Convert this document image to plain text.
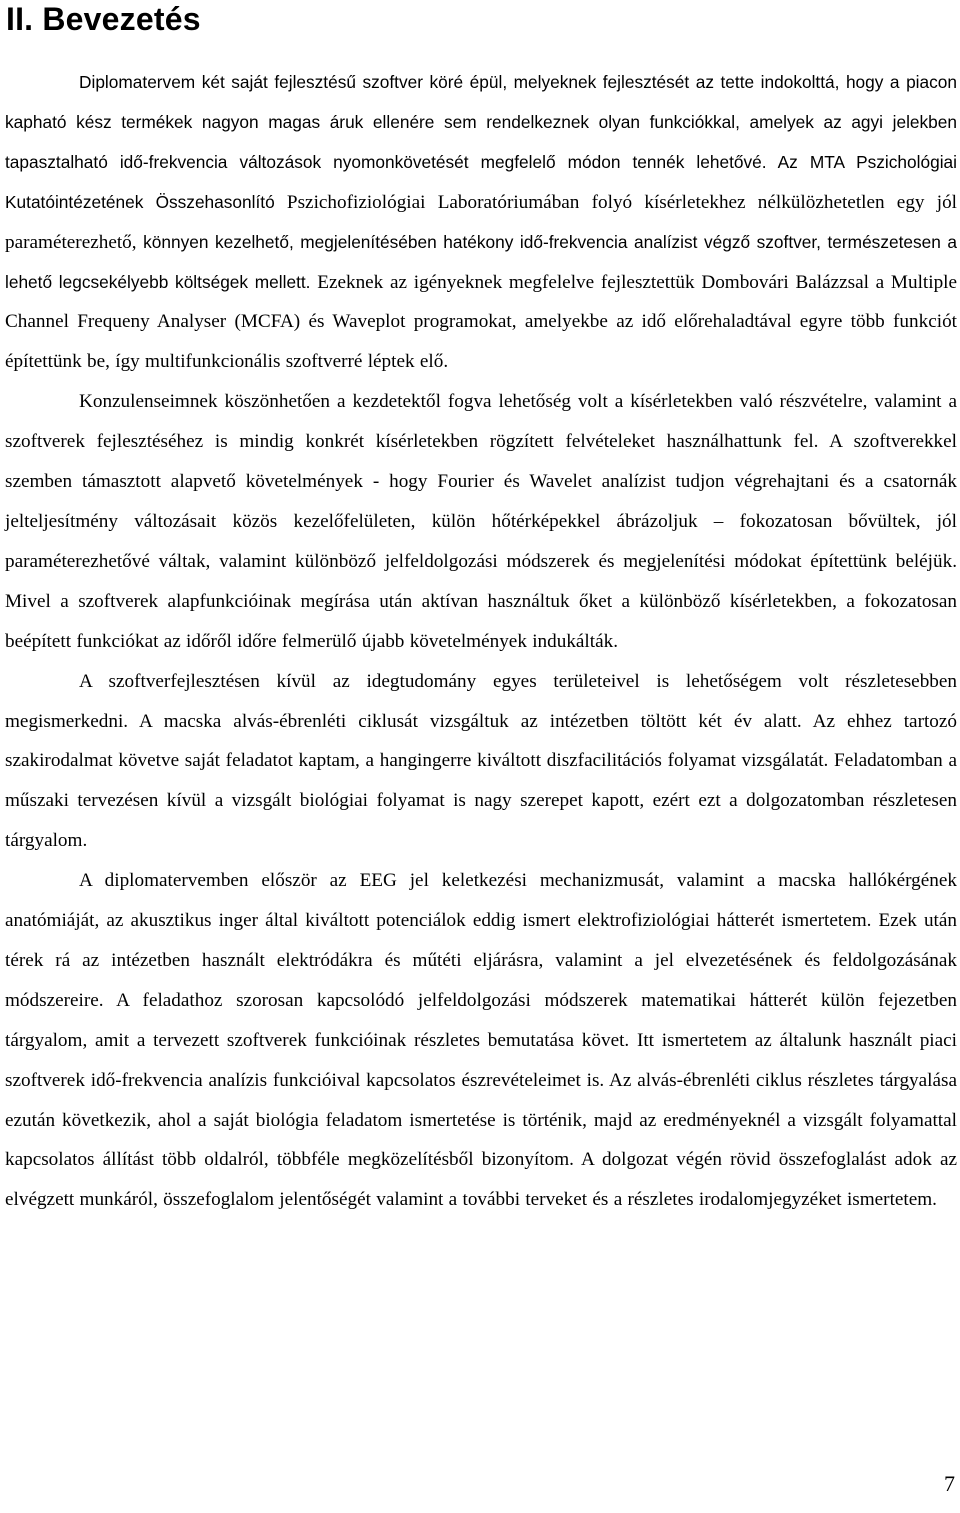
II. Bevezetés

Diplomatervem két saját fejlesztésű szoftver köré épül, melyeknek fejlesztését az tette indokolttá, hogy a piacon kapható kész termékek nagyon magas áruk ellenére sem rendelkeznek olyan funkciókkal, amelyek az agyi jelekben tapasztalható idő-frekvencia változások nyomonkövetését megfelelő módon tennék lehetővé. Az MTA Pszichológiai Kutatóintézetének Összehasonlító Pszichofiziológiai Laboratóriumában folyó kísérletekhez nélkülözhetetlen egy jól paraméterezhető, könnyen kezelhető, megjelenítésében hatékony idő-frekvencia analízist végző szoftver, természetesen a lehető legcsekélyebb költségek mellett. Ezeknek az igényeknek megfelelve fejlesztettük Dombovári Balázzsal a Multiple Channel Frequeny Analyser (MCFA) és Waveplot programokat, amelyekbe az idő előrehaladtával egyre több funkciót építettünk be, így multifunkcionális szoftverré léptek elő.

Konzulenseimnek köszönhetően a kezdetektől fogva lehetőség volt a kísérletekben való részvételre, valamint a szoftverek fejlesztéséhez is mindig konkrét kísérletekben rögzített felvételeket használhattunk fel. A szoftverekkel szemben támasztott alapvető követelmények - hogy Fourier és Wavelet analízist tudjon végrehajtani és a csatornák jelteljesítmény változásait közös kezelőfelületen, külön hőtérképekkel ábrázoljuk – fokozatosan bővültek, jól paraméterezhetővé váltak, valamint különböző jelfeldolgozási módszerek és megjelenítési módokat építettünk beléjük. Mivel a szoftverek alapfunkcióinak megírása után aktívan használtuk őket a különböző kísérletekben, a fokozatosan beépített funkciókat az időről időre felmerülő újabb követelmények indukálták.

A szoftverfejlesztésen kívül az idegtudomány egyes területeivel is lehetőségem volt részletesebben megismerkedni. A macska alvás-ébrenléti ciklusát vizsgáltuk az intézetben töltött két év alatt. Az ehhez tartozó szakirodalmat követve saját feladatot kaptam, a hangingerre kiváltott diszfacilitációs folyamat vizsgálatát. Feladatomban a műszaki tervezésen kívül a vizsgált biológiai folyamat is nagy szerepet kapott, ezért ezt a dolgozatomban részletesen tárgyalom.

A diplomatervemben először az EEG jel keletkezési mechanizmusát, valamint a macska hallókérgének anatómiáját, az akusztikus inger által kiváltott potenciálok eddig ismert elektrofiziológiai hátterét ismertetem. Ezek után térek rá az intézetben használt elektródákra és műtéti eljárásra, valamint a jel elvezetésének és feldolgozásának módszereire. A feladathoz szorosan kapcsolódó jelfeldolgozási módszerek matematikai hátterét külön fejezetben tárgyalom, amit a tervezett szoftverek funkcióinak részletes bemutatása követ. Itt ismertetem az általunk használt piaci szoftverek idő-frekvencia analízis funkcióival kapcsolatos észrevételeimet is. Az alvás-ébrenléti ciklus részletes tárgyalása ezután következik, ahol a saját biológia feladatom ismertetése is történik, majd az eredményeknél a vizsgált folyamattal kapcsolatos állítást több oldalról, többféle megközelítésből bizonyítom. A dolgozat végén rövid összefoglalást adok az elvégzett munkáról, összefoglalom jelentőségét valamint a további terveket és a részletes irodalomjegyzéket ismertetem.

7
